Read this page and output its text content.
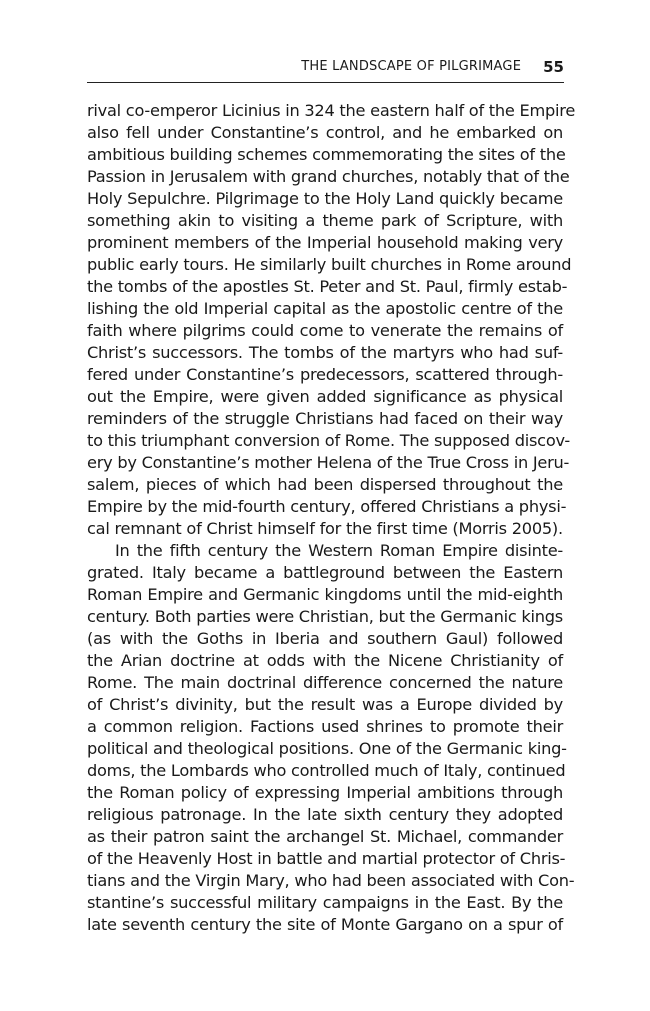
THE LANDSCAPE OF PILGRIMAGE 55
rival co-emperor Licinius in 324 the eastern half of the Empire
also fell under Constantine’s control, and he embarked on
ambitious building schemes commemorating the sites of the
Passion in Jerusalem with grand churches, notably that of the
Holy Sepulchre. Pilgrimage to the Holy Land quickly became
something akin to visiting a theme park of Scripture, with
prominent members of the Imperial household making very
public early tours. He similarly built churches in Rome around
the tombs of the apostles St. Peter and St. Paul, firmly estab-
lishing the old Imperial capital as the apostolic centre of the
faith where pilgrims could come to venerate the remains of
Christ’s successors. The tombs of the martyrs who had suf-
fered under Constantine’s predecessors, scattered through-
out the Empire, were given added significance as physical
reminders of the struggle Christians had faced on their way
to this triumphant conversion of Rome. The supposed discov-
ery by Constantine’s mother Helena of the True Cross in Jeru-
salem, pieces of which had been dispersed throughout the
Empire by the mid-fourth century, offered Christians a physi-
cal remnant of Christ himself for the first time (Morris 2005).
In the fifth century the Western Roman Empire disinte-
grated. Italy became a battleground between the Eastern
Roman Empire and Germanic kingdoms until the mid-eighth
century. Both parties were Christian, but the Germanic kings
(as with the Goths in Iberia and southern Gaul) followed
the Arian doctrine at odds with the Nicene Christianity of
Rome. The main doctrinal difference concerned the nature
of Christ’s divinity, but the result was a Europe divided by
a common religion. Factions used shrines to promote their
political and theological positions. One of the Germanic king-
doms, the Lombards who controlled much of Italy, continued
the Roman policy of expressing Imperial ambitions through
religious patronage. In the late sixth century they adopted
as their patron saint the archangel St. Michael, commander
of the Heavenly Host in battle and martial protector of Chris-
tians and the Virgin Mary, who had been associated with Con-
stantine’s successful military campaigns in the East. By the
late seventh century the site of Monte Gargano on a spur of
